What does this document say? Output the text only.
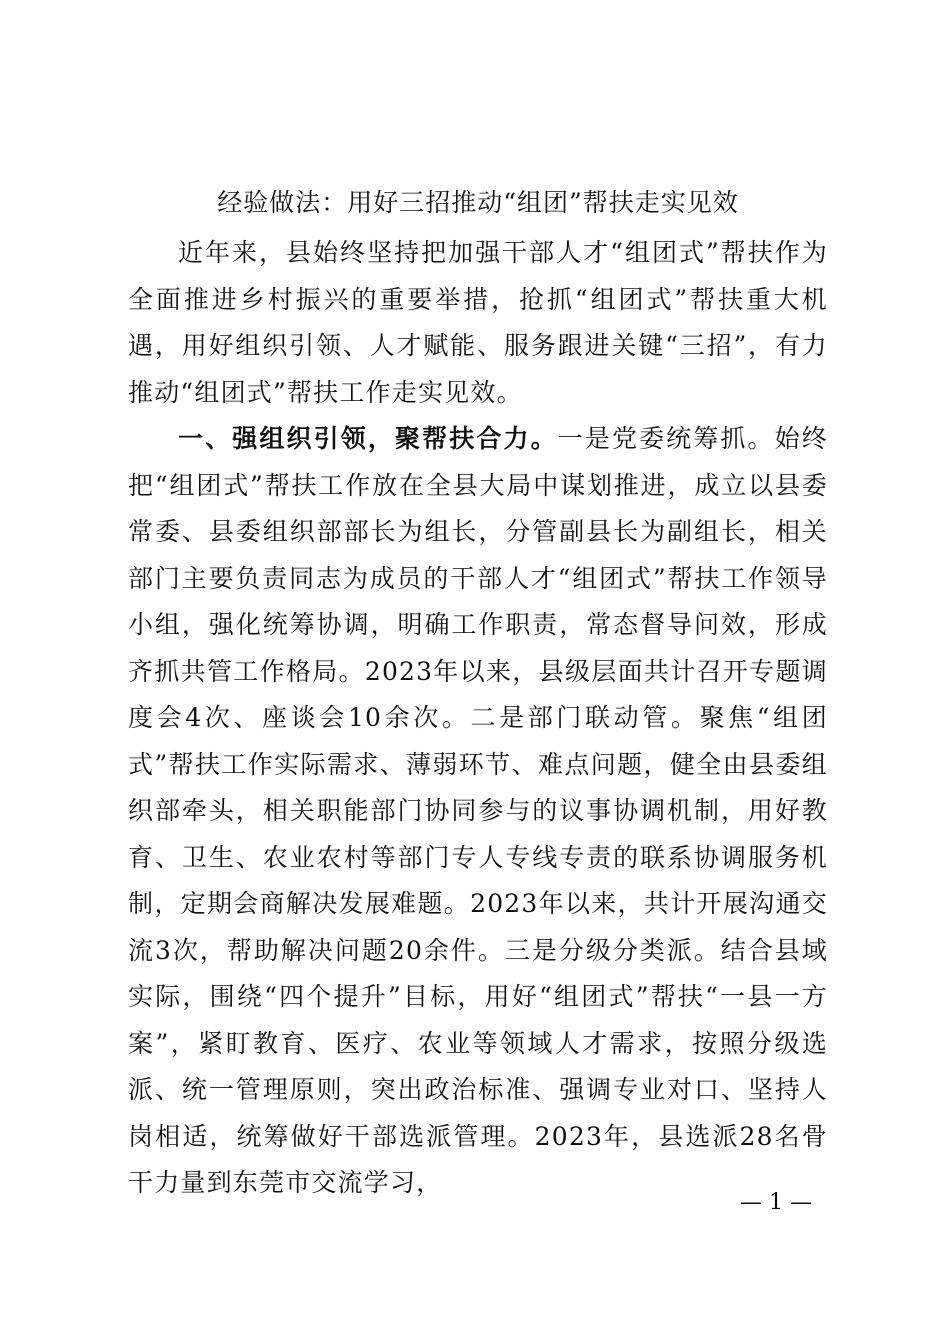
经验做法：用好三招推动“组团”帮扶走实见效

近年来，县始终坚持把加强干部人才“组团式”帮扶作为全面推进乡村振兴的重要举措，抢抓“组团式”帮扶重大机遇，用好组织引领、人才赋能、服务跟进关键“三招”，有力推动“组团式”帮扶工作走实见效。

一、强组织引领，聚帮扶合力。一是党委统筹抓。始终把“组团式”帮扶工作放在全县大局中谋划推进，成立以县委常委、县委组织部部长为组长，分管副县长为副组长，相关部门主要负责同志为成员的干部人才“组团式”帮扶工作领导小组，强化统筹协调，明确工作职责，常态督导问效，形成齐抓共管工作格局。2023年以来，县级层面共计召开专题调度会4次、座谈会10余次。二是部门联动管。聚焦“组团式”帮扶工作实际需求、薄弱环节、难点问题，健全由县委组织部牵头，相关职能部门协同参与的议事协调机制，用好教育、卫生、农业农村等部门专人专线专责的联系协调服务机制，定期会商解决发展难题。2023年以来，共计开展沟通交流3次，帮助解决问题20余件。三是分级分类派。结合县域实际，围绕“四个提升”目标，用好“组团式”帮扶“一县一方案”，紧盯教育、医疗、农业等领域人才需求，按照分级选派、统一管理原则，突出政治标准、强调专业对口、坚持人岗相适，统筹做好干部选派管理。2023年，县选派28名骨干力量到东莞市交流学习，

— 1 —
